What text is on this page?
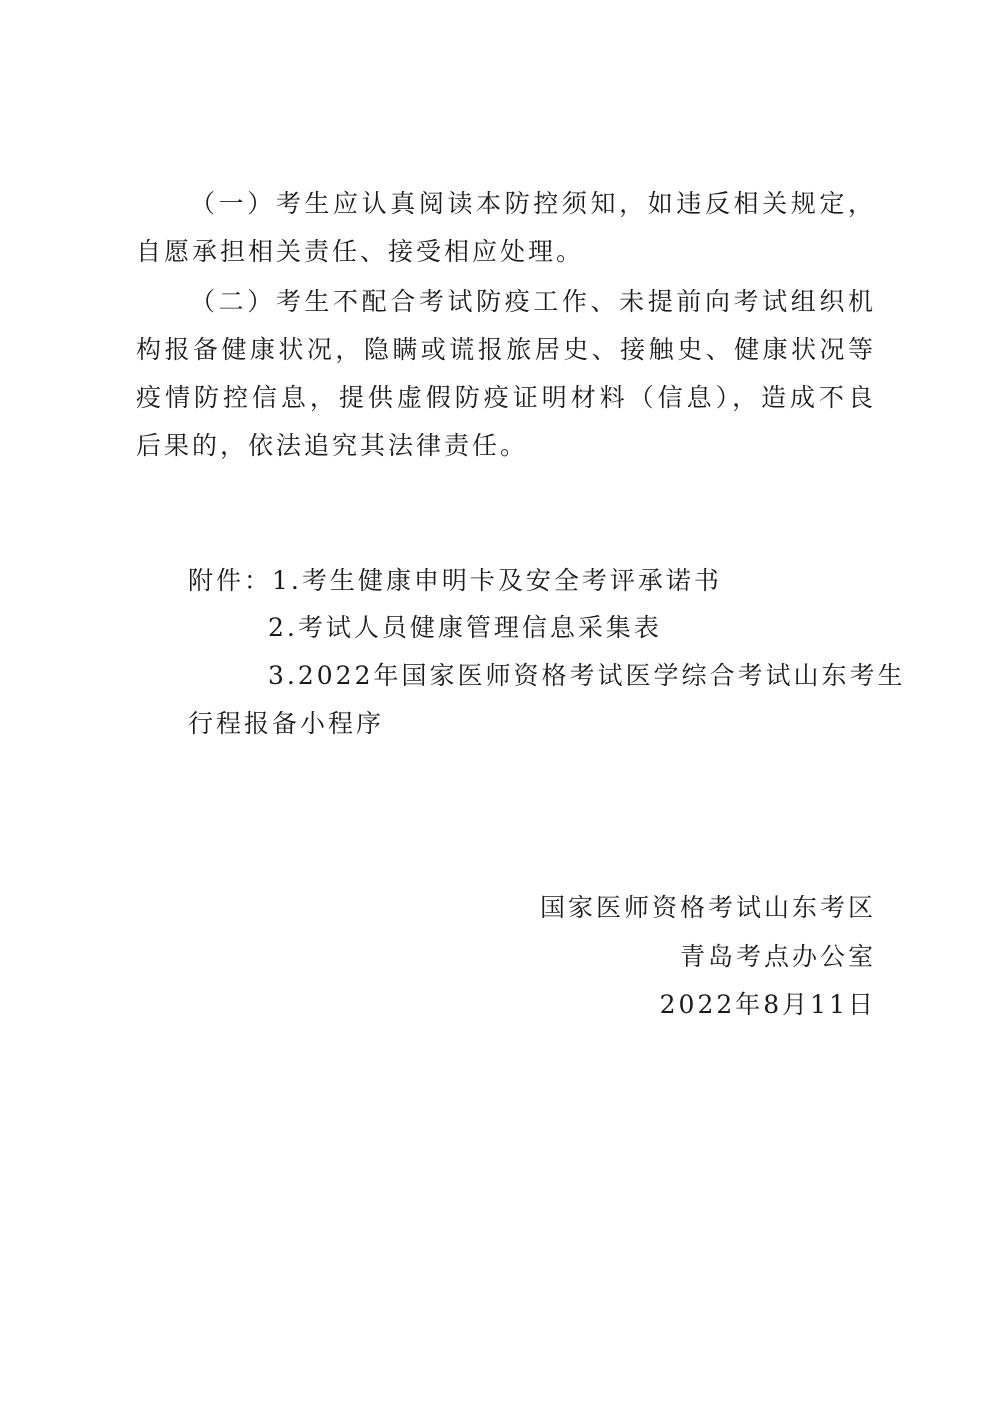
（一）考生应认真阅读本防控须知，如违反相关规定，自愿承担相关责任、接受相应处理。

（二）考生不配合考试防疫工作、未提前向考试组织机构报备健康状况，隐瞒或谎报旅居史、接触史、健康状况等疫情防控信息，提供虚假防疫证明材料（信息），造成不良后果的，依法追究其法律责任。

附件：1.考生健康申明卡及安全考评承诺书

2.考试人员健康管理信息采集表

3.2022年国家医师资格考试医学综合考试山东考生

行程报备小程序

国家医师资格考试山东考区

青岛考点办公室

2022年8月11日
